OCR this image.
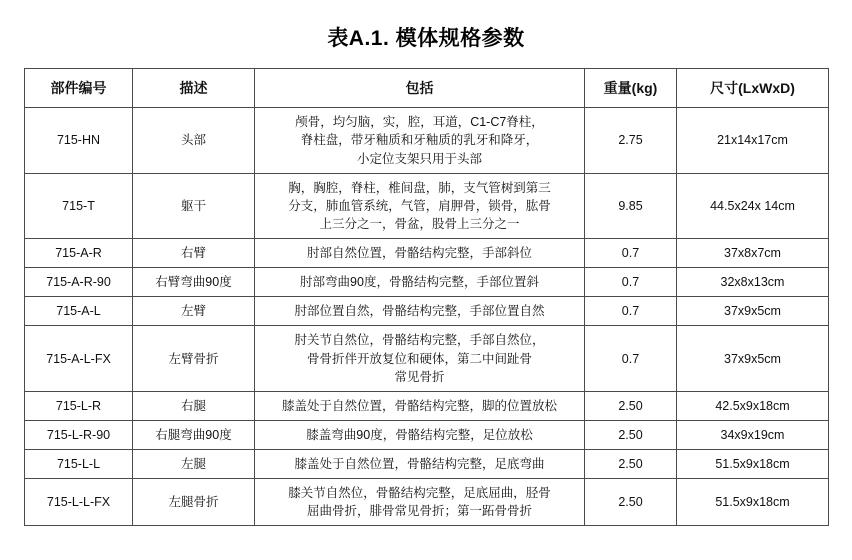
表A.1. 模体规格参数
部件编号	描述	包括	重量(kg)	尺寸(LxWxD)
715-HN	头部	颅骨，均匀脑，实，腔，耳道，C1-C7脊柱，
脊柱盘，带牙釉质和牙釉质的乳牙和降牙，
小定位支架只用于头部	2.75	21x14x17cm
715-T	躯干	胸，胸腔，脊柱，椎间盘，肺，支气管树到第三
分支，肺血管系统，气管，肩胛骨，锁骨，肱骨
上三分之一，骨盆，股骨上三分之一	9.85	44.5x24x 14cm
715-A-R	右臂	肘部自然位置，骨骼结构完整，手部斜位	0.7	37x8x7cm
715-A-R-90	右臂弯曲90度	肘部弯曲90度，骨骼结构完整，手部位置斜	0.7	32x8x13cm
715-A-L	左臂	肘部位置自然，骨骼结构完整，手部位置自然	0.7	37x9x5cm
715-A-L-FX	左臂骨折	肘关节自然位，骨骼结构完整，手部自然位，
骨骨折伴开放复位和硬体，第二中间趾骨
常见骨折	0.7	37x9x5cm
715-L-R	右腿	膝盖处于自然位置，骨骼结构完整，脚的位置放松	2.50	42.5x9x18cm
715-L-R-90	右腿弯曲90度	膝盖弯曲90度，骨骼结构完整，足位放松	2.50	34x9x19cm
715-L-L	左腿	膝盖处于自然位置，骨骼结构完整，足底弯曲	2.50	51.5x9x18cm
715-L-L-FX	左腿骨折	膝关节自然位，骨骼结构完整，足底屈曲，胫骨
屈曲骨折，腓骨常见骨折；第一跖骨骨折	2.50	51.5x9x18cm
